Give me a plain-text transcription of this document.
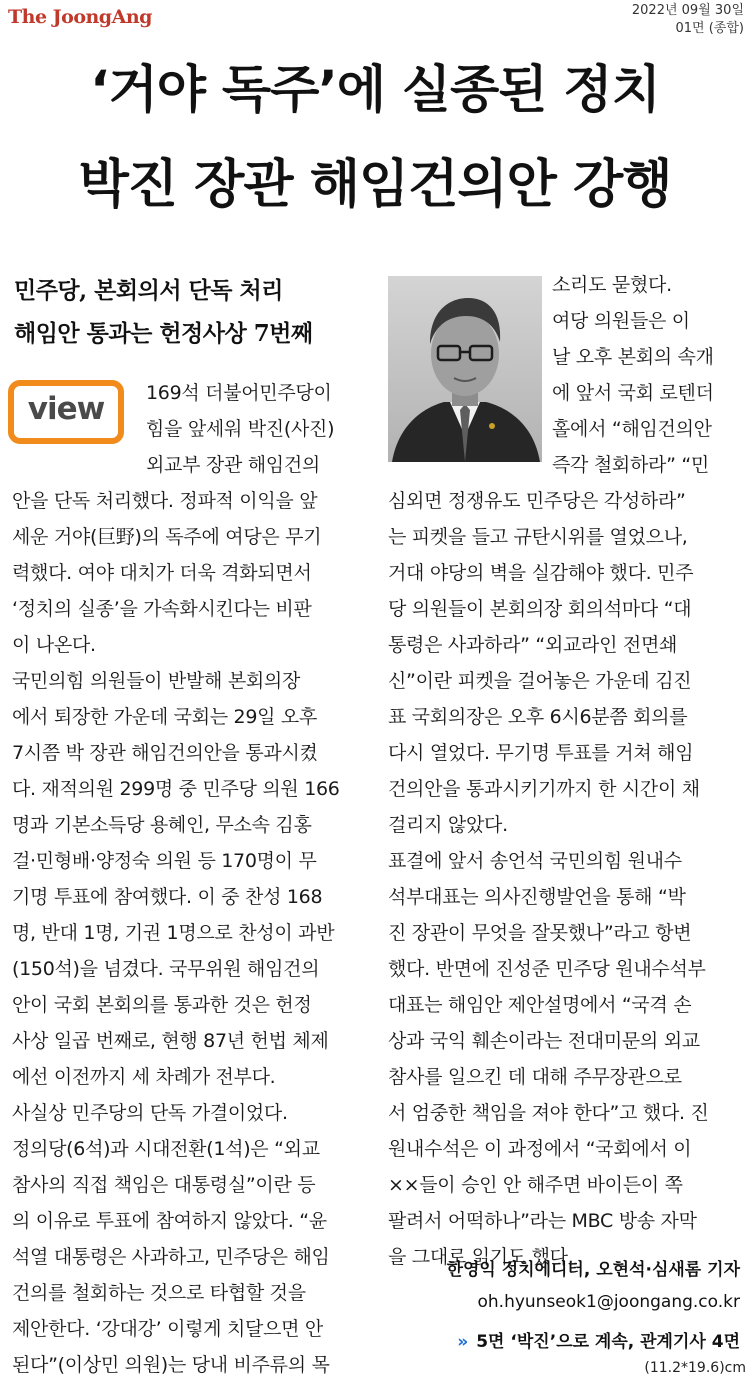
The JoongAng	2022년 09월 30일
01면 (종합)
‘거야 독주’에 실종된 정치
박진 장관 해임건의안 강행
민주당, 본회의서 단독 처리
해임안 통과는 헌정사상 7번째
view	169석 더불어민주당이
힘을 앞세워 박진(사진)
외교부 장관 해임건의
안을 단독 처리했다. 정파적 이익을 앞
세운 거야(巨野)의 독주에 여당은 무기
력했다. 여야 대치가 더욱 격화되면서
‘정치의 실종’을 가속화시킨다는 비판
이 나온다.
국민의힘 의원들이 반발해 본회의장
에서 퇴장한 가운데 국회는 29일 오후
7시쯤 박 장관 해임건의안을 통과시켰
다. 재적의원 299명 중 민주당 의원 166
명과 기본소득당 용혜인, 무소속 김홍
걸·민형배·양정숙 의원 등 170명이 무
기명 투표에 참여했다. 이 중 찬성 168
명, 반대 1명, 기권 1명으로 찬성이 과반
(150석)을 넘겼다. 국무위원 해임건의
안이 국회 본회의를 통과한 것은 헌정
사상 일곱 번째로, 현행 87년 헌법 체제
에선 이전까지 세 차례가 전부다.
사실상 민주당의 단독 가결이었다.
정의당(6석)과 시대전환(1석)은 “외교
참사의 직접 책임은 대통령실”이란 등
의 이유로 투표에 참여하지 않았다. “윤
석열 대통령은 사과하고, 민주당은 해임
건의를 철회하는 것으로 타협할 것을
제안한다. ‘강대강’ 이렇게 치달으면 안
된다”(이상민 의원)는 당내 비주류의 목
소리도 묻혔다.
여당 의원들은 이
날 오후 본회의 속개
에 앞서 국회 로텐더
홀에서 “해임건의안
즉각 철회하라” “민
심외면 정쟁유도 민주당은 각성하라”
는 피켓을 들고 규탄시위를 열었으나,
거대 야당의 벽을 실감해야 했다. 민주
당 의원들이 본회의장 회의석마다 “대
통령은 사과하라” “외교라인 전면쇄
신”이란 피켓을 걸어놓은 가운데 김진
표 국회의장은 오후 6시6분쯤 회의를
다시 열었다. 무기명 투표를 거쳐 해임
건의안을 통과시키기까지 한 시간이 채
걸리지 않았다.
표결에 앞서 송언석 국민의힘 원내수
석부대표는 의사진행발언을 통해 “박
진 장관이 무엇을 잘못했나”라고 항변
했다. 반면에 진성준 민주당 원내수석부
대표는 해임안 제안설명에서 “국격 손
상과 국익 훼손이라는 전대미문의 외교
참사를 일으킨 데 대해 주무장관으로
서 엄중한 책임을 져야 한다”고 했다. 진
원내수석은 이 과정에서 “국회에서 이
××들이 승인 안 해주면 바이든이 쪽
팔려서 어떡하나”라는 MBC 방송 자막
을 그대로 읽기도 했다.
한영익 정치에디터, 오현석·심새롬 기자
oh.hyunseok1@joongang.co.kr
» 5면 ‘박진’으로 계속, 관계기사 4면
(11.2*19.6)cm
